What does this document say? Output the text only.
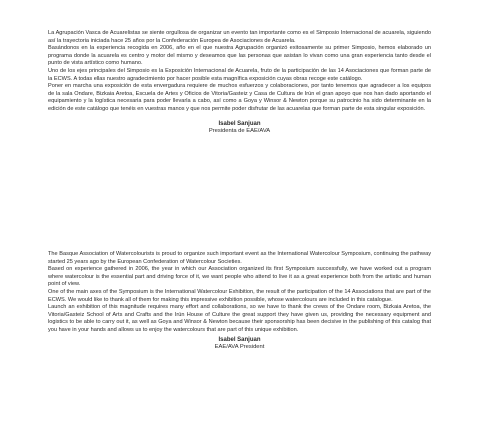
La Agrupación Vasca de Acuarelistas se siente orgullosa de organizar un evento tan importante como es el Simposio Internacional de acuarela, siguiendo así la trayectoria iniciada hace 25 años por la Confederación Europea de Asociaciones de Acuarela.

Basándonos en la experiencia recogida en 2006, año en el que nuestra Agrupación organizó exitosamente su primer Simposio, hemos elaborado un programa donde la acuarela es centro y motor del mismo y deseamos que las personas que asistan lo vivan como una gran experiencia tanto desde el punto de vista artístico como humano.

Uno de los ejes principales del Simposio es la Exposición Internacional de Acuarela, fruto de la participación de las 14 Asociaciones que forman parte de la ECWS. A todas ellas nuestro agradecimiento por hacer posible esta magnífica exposición cuyas obras recoge este catálogo.

Poner en marcha una exposición de esta envergadura requiere de muchos esfuerzos y colaboraciones, por tanto tenemos que agradecer a los equipos de la sala Ondare, Bizkaia Aretoa, Escuela de Artes y Oficios de Vitoria/Gasteiz y Casa de Cultura de Irún el gran apoyo que nos han dado aportando el equipamiento y la logística necesaria para poder llevarla a cabo, así como a Goya y Winsor & Newton porque su patrocinio ha sido determinante en la edición de este catálogo que tenéis en vuestras manos y que nos permite poder disfrutar de las acuarelas que forman parte de esta singular exposición.

Isabel Sanjuan

Presidenta de EAE/AVA

The Basque Association of Watercolourists is proud to organize such important event as the International Watercolour Symposium, continuing the pathway started 25 years ago by the European Confederation of Watercolour Societies.

Based on experience gathered in 2006, the year in which our Association organized its first Symposium successfully, we have worked out a program where watercolour is the essential part and driving force of it, we want people who attend to live it as a great experience both from the artistic and human point of view.

One of the main axes of the Symposium is the International Watercolour Exhibition, the result of the participation of the 14 Associations that are part of the ECWS. We would like to thank all of them for making this impressive exhibition possible, whose watercolours are included in this catalogue.

Launch an exhibition of this magnitude requires many effort and collaborations, so we have to thank the crews of the Ondare room, Bizkaia Aretoa, the Vitoria/Gasteiz School of Arts and Crafts and the Irún House of Culture the great support they have given us, providing the necessary equipment and logistics to be able to carry out it, as well as Goya and Winsor & Newton because their sponsorship has been decisive in the publishing of this catalog that you have in your hands and allows us to enjoy the watercolours that are part of this unique exhibition.

Isabel Sanjuan

EAE/AVA President
